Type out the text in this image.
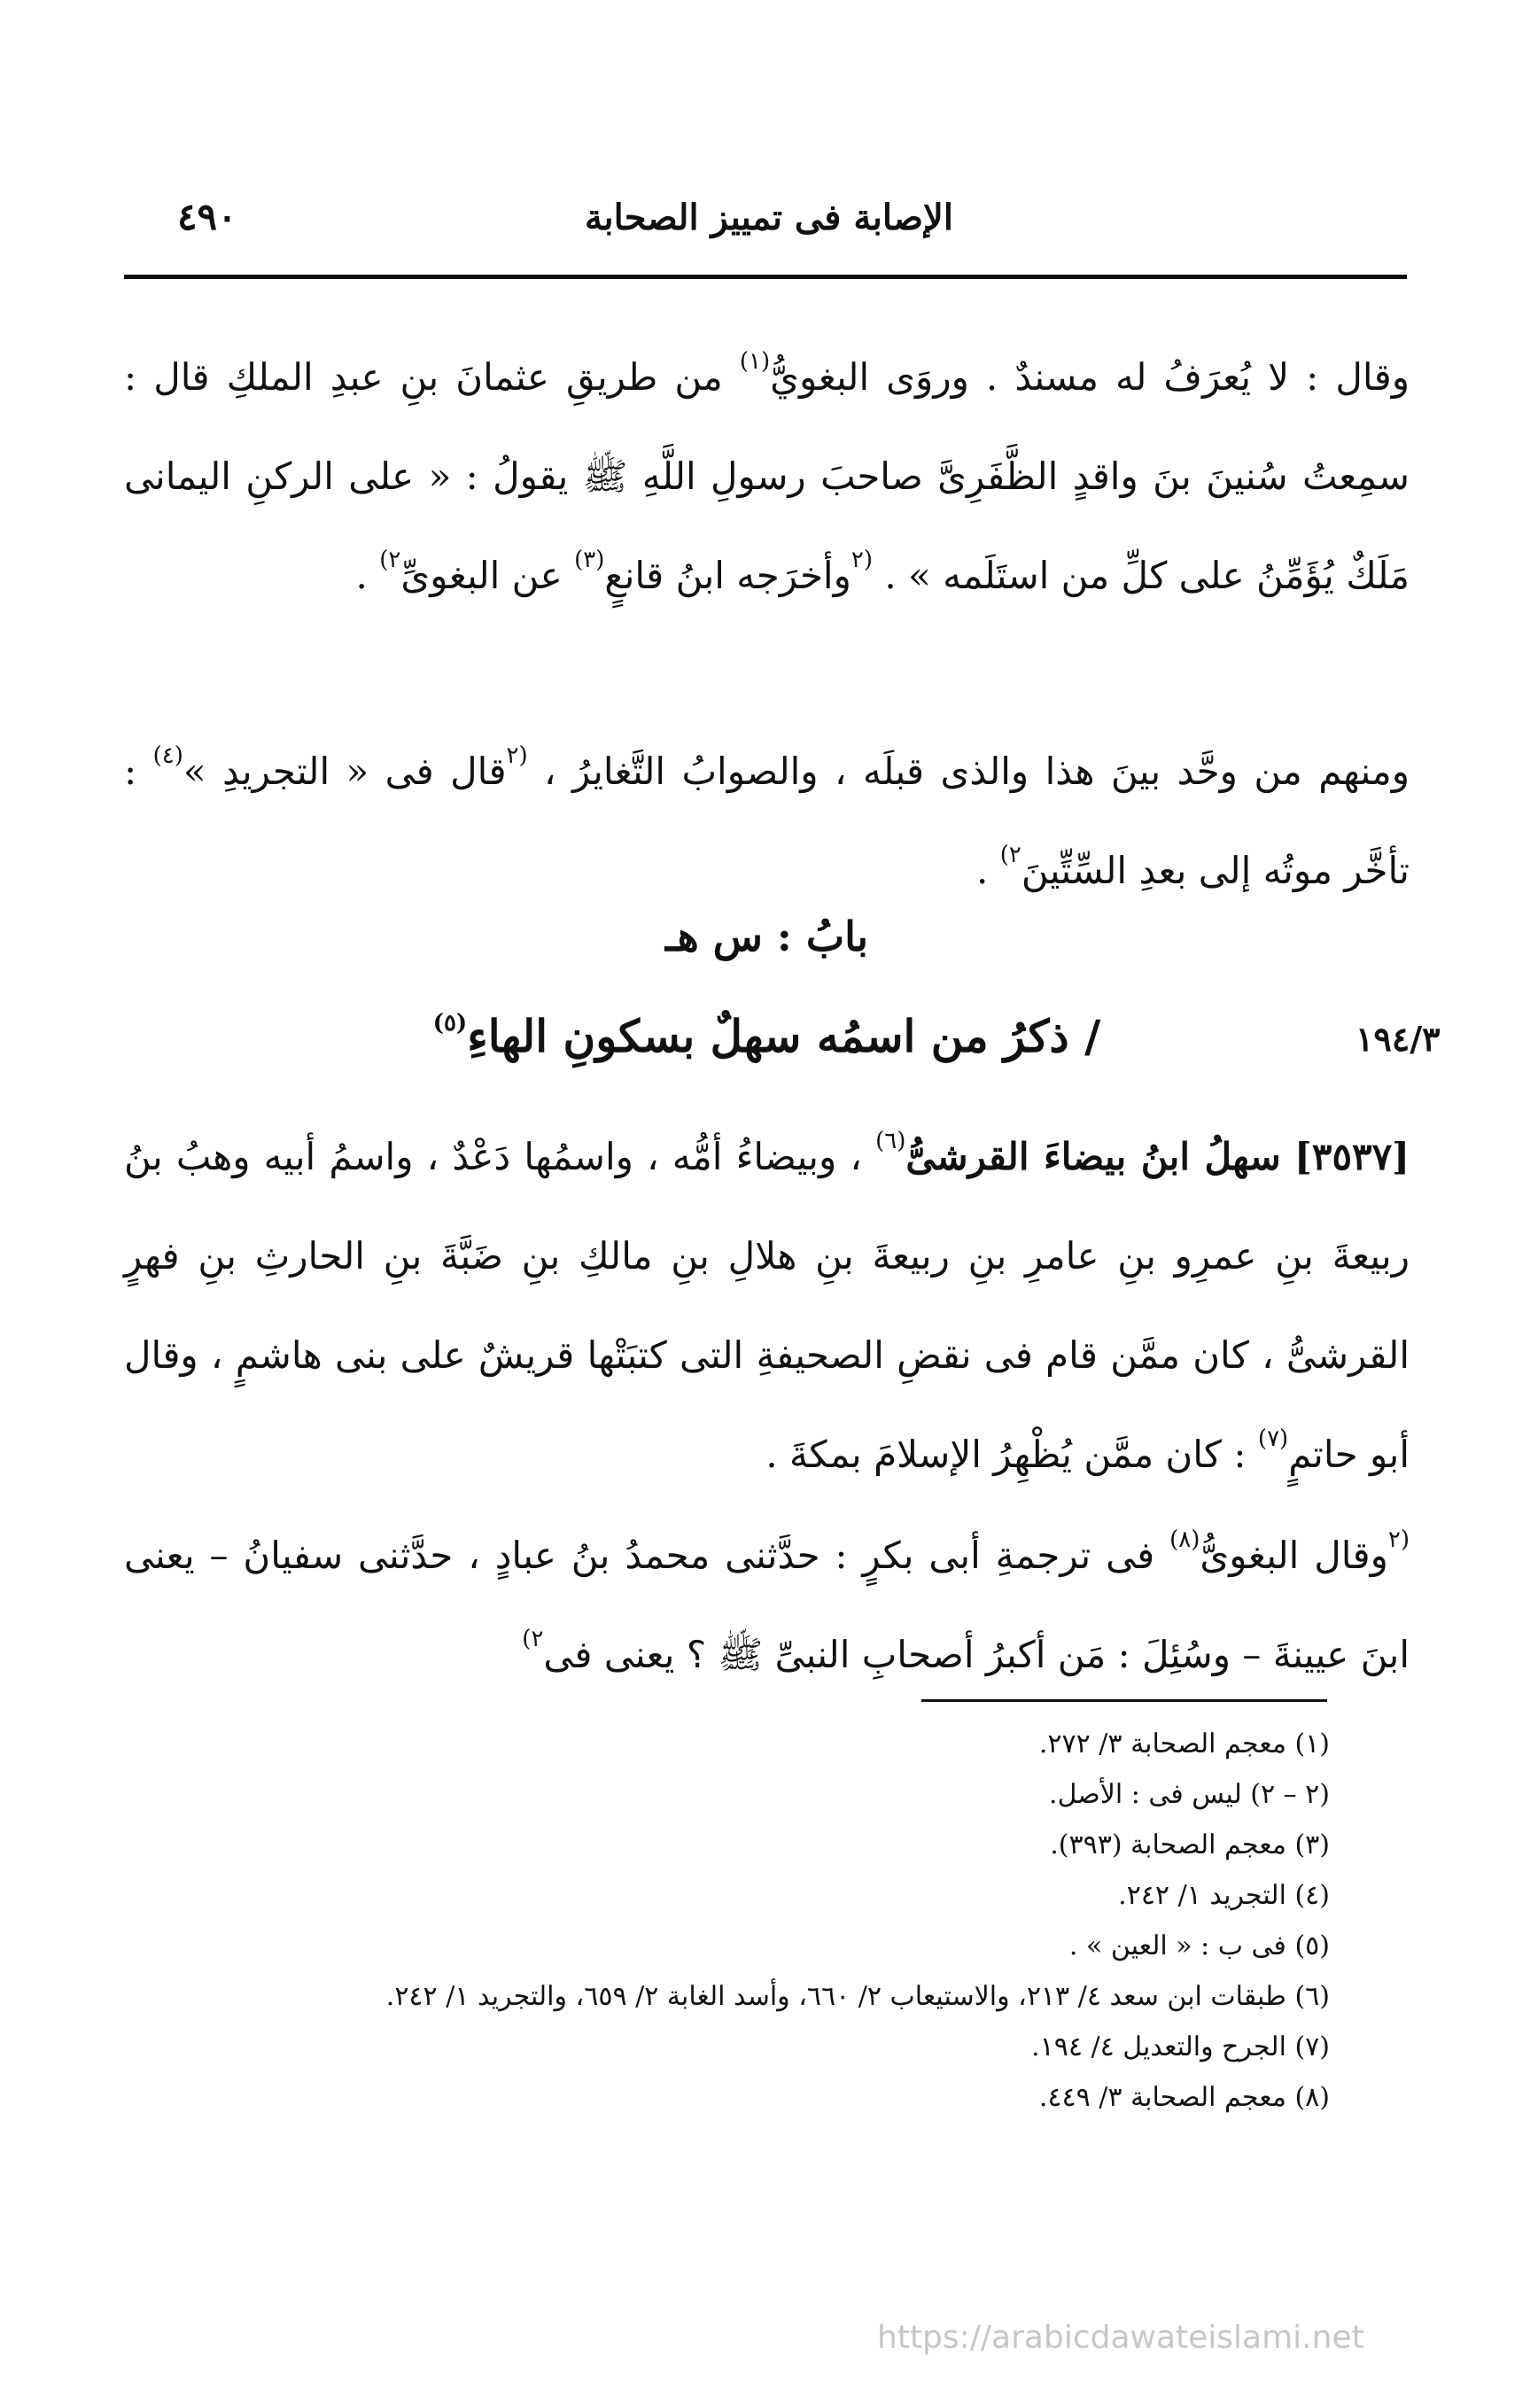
٤٩٠	الإصابة فى تمييز الصحابة

وقال : لا يُعرَفُ له مسندٌ . وروَى البغويُّ$^{(١)}$ من طريقِ عثمانَ بنِ عبدِ الملكِ قال : سمِعتُ سُنينَ بنَ واقدٍ الظَّفَرِىَّ صاحبَ رسولِ اللَّهِ ﷺ يقولُ : « على الركنِ اليمانى مَلَكٌ يُؤَمِّنُ على كلِّ من استَلَمه » . $^{(٢}$وأخرَجه ابنُ قانعٍ$^{(٣)}$ عن البغوىِّ$^{٢)}$ .

ومنهم من وحَّد بينَ هذا والذى قبلَه ، والصوابُ التَّغايرُ ، $^{(٢}$قال فى « التجريدِ »$^{(٤)}$ : تأخَّر موتُه إلى بعدِ السِّتِّينَ$^{٢)}$ .

بابُ : س هـ
/ ذكرُ من اسمُه سهلٌ بسكونِ الهاءِ$^{(٥)}$	١٩٤/٣

[٣٥٣٧] سهلُ ابنُ بيضاءَ القرشىُّ$^{(٦)}$ ، وبيضاءُ أمُّه ، واسمُها دَعْدٌ ، واسمُ أبيه وهبُ بنُ ربيعةَ بنِ عمرِو بنِ عامرِ بنِ ربيعةَ بنِ هلالِ بنِ مالكِ بنِ ضَبَّةَ بنِ الحارثِ بنِ فهرٍ القرشىُّ ، كان ممَّن قام فى نقضِ الصحيفةِ التى كتبَتْها قريشٌ على بنى هاشمٍ ، وقال أبو حاتمٍ$^{(٧)}$ : كان ممَّن يُظْهِرُ الإسلامَ بمكةَ .

$^{(٢}$وقال البغوىُّ$^{(٨)}$ فى ترجمةِ أبى بكرٍ : حدَّثنى محمدُ بنُ عبادٍ ، حدَّثنى سفيانُ – يعنى ابنَ عيينةَ – وسُئِلَ : مَن أكبرُ أصحابِ النبىِّ ﷺ ؟ يعنى فى$^{٢)}$

(١) معجم الصحابة ٣/ ٢٧٢.
(٢ – ٢) ليس فى : الأصل.
(٣) معجم الصحابة (٣٩٣).
(٤) التجريد ١/ ٢٤٢.
(٥) فى ب : « العين » .
(٦) طبقات ابن سعد ٤/ ٢١٣، والاستيعاب ٢/ ٦٦٠، وأسد الغابة ٢/ ٦٥٩، والتجريد ١/ ٢٤٢.
(٧) الجرح والتعديل ٤/ ١٩٤.
(٨) معجم الصحابة ٣/ ٤٤٩.
https://arabicdawateislami.net
